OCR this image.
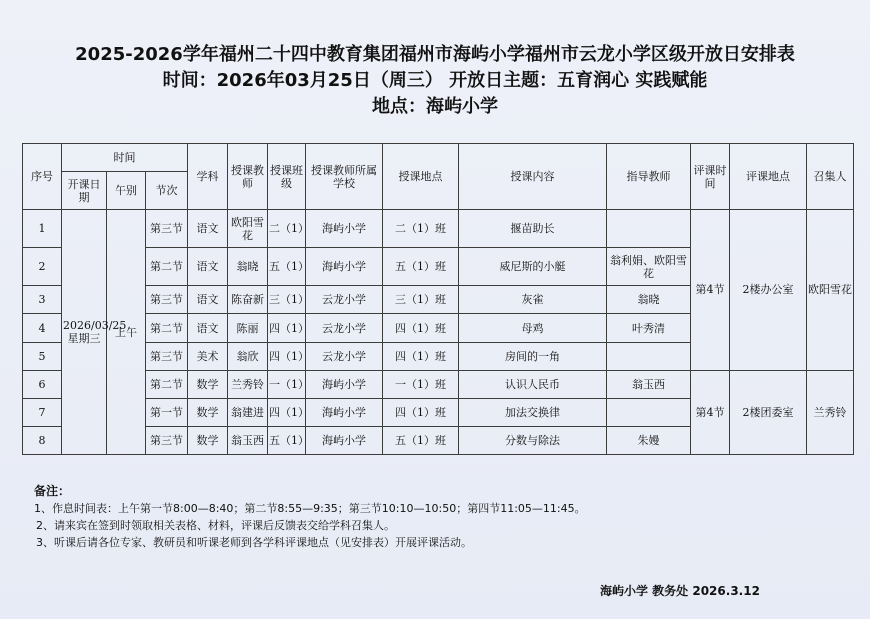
2025-2026学年福州二十四中教育集团福州市海屿小学福州市云龙小学区级开放日安排表
时间：2026年03月25日（周三） 开放日主题：五育润心 实践赋能
地点：海屿小学
序号	时间			学科	授课教师	授课班级	授课教师所属学校	授课地点	授课内容	指导教师	评课时间	评课地点	召集人
	开课日期	午别	节次										
1	2026/03/25星期三	上午	第三节	语文	欧阳雪花	二（1）	海屿小学	二（1）班	揠苗助长		第4节	2楼办公室	欧阳雪花
2			第二节	语文	翁晓	五（1）	海屿小学	五（1）班	威尼斯的小艇	翁利娟、欧阳雪花			
3			第三节	语文	陈奋新	三（1）	云龙小学	三（1）班	灰雀	翁晓			
4			第二节	语文	陈丽	四（1）	云龙小学	四（1）班	母鸡	叶秀清			
5			第三节	美术	翁欣	四（1）	云龙小学	四（1）班	房间的一角				
6			第二节	数学	兰秀铃	一（1）	海屿小学	一（1）班	认识人民币	翁玉西	第4节	2楼团委室	兰秀铃
7			第一节	数学	翁建进	四（1）	海屿小学	四（1）班	加法交换律				
8			第三节	数学	翁玉西	五（1）	海屿小学	五（1）班	分数与除法	朱嫚			
备注：
1、作息时间表：上午第一节8:00—8:40；第二节8:55—9:35；第三节10:10—10:50；第四节11:05—11:45。
2、请来宾在签到时领取相关表格、材料，评课后反馈表交给学科召集人。
3、听课后请各位专家、教研员和听课老师到各学科评课地点（见安排表）开展评课活动。
海屿小学 教务处 2026.3.12
